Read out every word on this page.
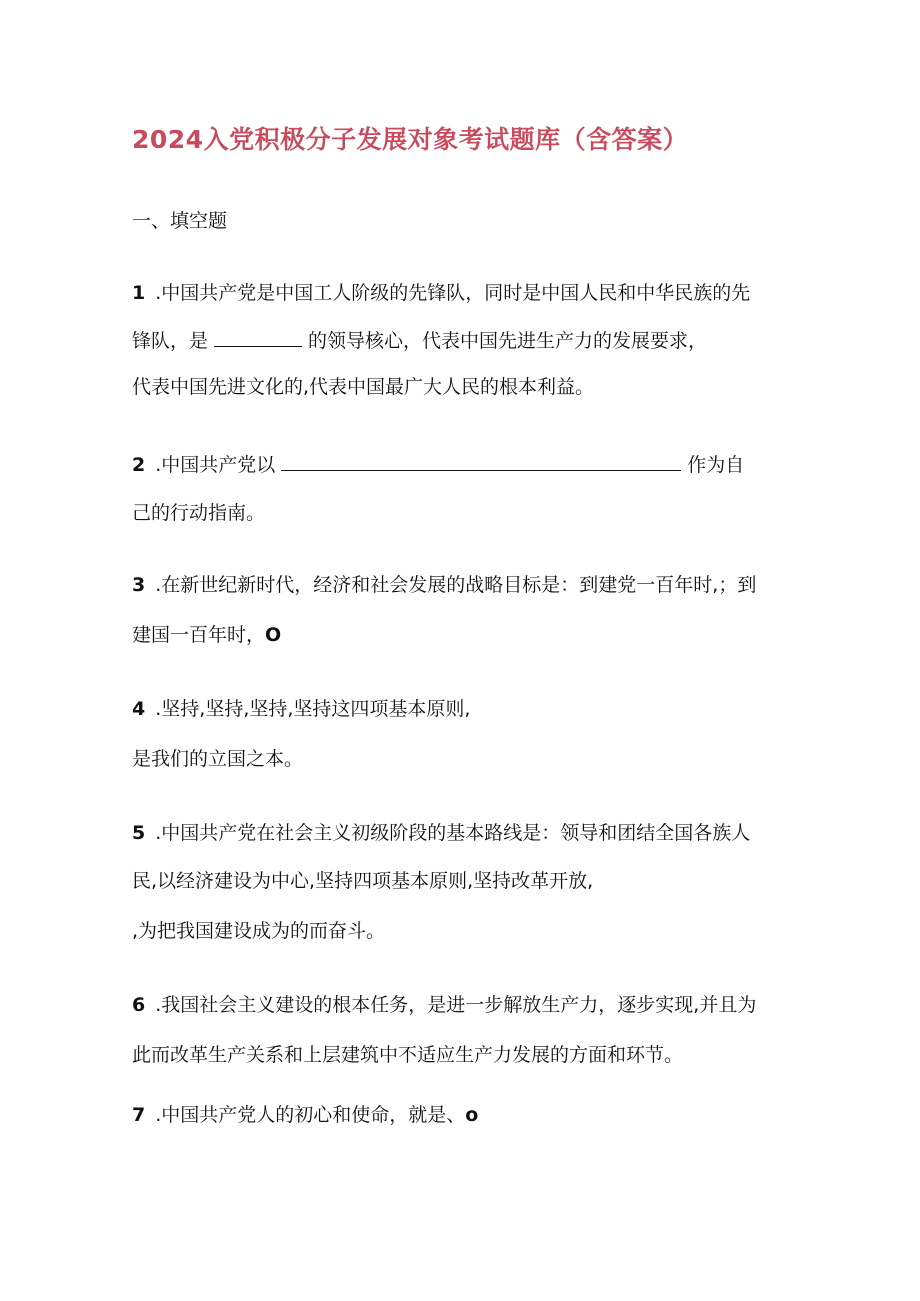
2024入党积极分子发展对象考试题库（含答案）
一、填空题
1 .中国共产党是中国工人阶级的先锋队，同时是中国人民和中华民族的先
锋队，是	的领导核心，代表中国先进生产力的发展要求，
代表中国先进文化的,代表中国最广大人民的根本利益。
2 .中国共产党以	作为自
己的行动指南。
3 .在新世纪新时代，经济和社会发展的战略目标是：到建党一百年时,；到
建国一百年时，O
4 .坚持,坚持,坚持,坚持这四项基本原则,
是我们的立国之本。
5 .中国共产党在社会主义初级阶段的基本路线是：领导和团结全国各族人
民,以经济建设为中心,坚持四项基本原则,坚持改革开放,
,为把我国建设成为的而奋斗。
6 .我国社会主义建设的根本任务，是进一步解放生产力，逐步实现,并且为
此而改革生产关系和上层建筑中不适应生产力发展的方面和环节。
7 .中国共产党人的初心和使命，就是、o
